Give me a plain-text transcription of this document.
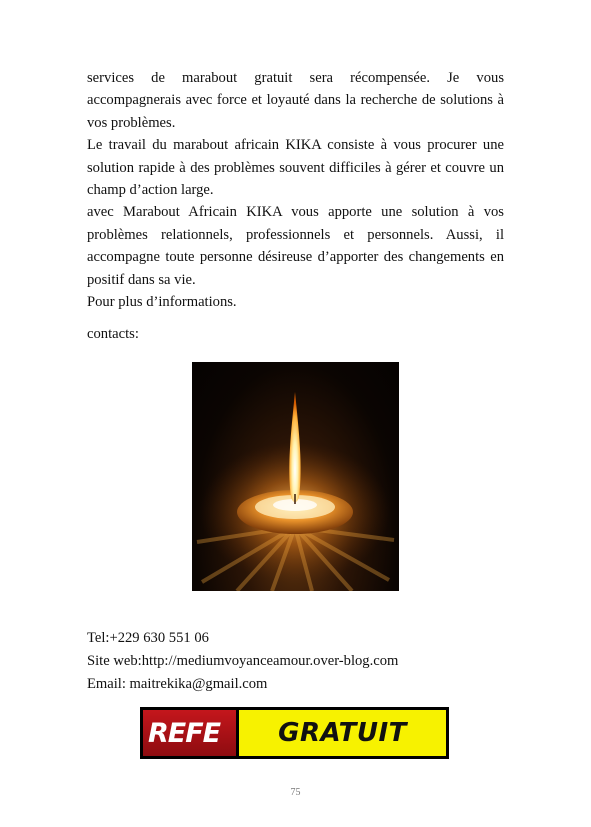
services de marabout gratuit sera récompensée. Je vous accompagnerais avec force et loyauté dans la recherche de solutions à vos problèmes.

Le travail du marabout africain KIKA consiste à vous procurer une solution rapide à des problèmes souvent difficiles à gérer et couvre un champ d’action large.

avec Marabout Africain KIKA vous apporte une solution à vos problèmes relationnels, professionnels et personnels. Aussi, il accompagne toute personne désireuse d’apporter des changements en positif dans sa vie.

Pour plus d’informations.

contacts:
Tel:+229 630 551 06
Site web:http://mediumvoyanceamour.over-blog.com
Email: maitrekika@gmail.com
REFE	GRATUIT
75
